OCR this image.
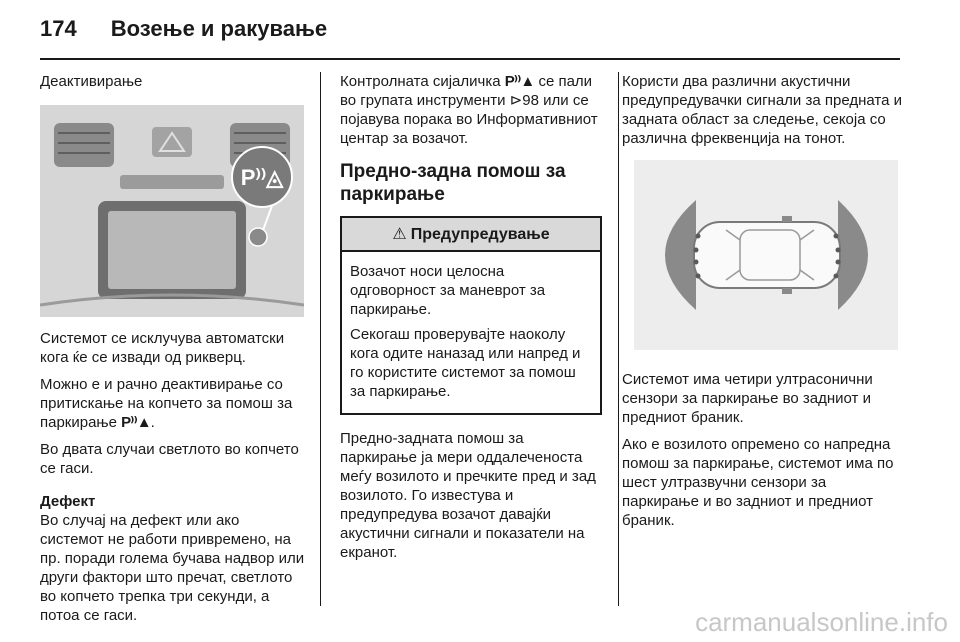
174 Возење и ракување
Деактивирање
P⁾⁾◬

Системот се исклучува автоматски кога ќе се извади од рикверц.

Можно е и рачно деактивирање со притискање на копчето за помош за паркирање P⁾⁾▲.

Во двата случаи светлото во копчето се гаси.

Дефект

Во случај на дефект или ако системот не работи привремено, на пр. поради голема бучава надвор или други фактори што пречат, светлото во копчето трепка три секунди, а потоа се гаси.

Контролната сијаличка P⁾⁾▲ се пали во групата инструменти ⊳98 или се појавува порака во Информативниот центар за возачот.

Предно-задна помош за паркирање
⚠ Предупредување

Возачот носи целосна одговорност за маневрот за паркирање.

Секогаш проверувајте наоколу кога одите наназад или напред и го користите системот за помош за паркирање.

Предно-задната помош за паркирање ја мери оддалеченоста меѓу возилото и пречките пред и зад возилото. Го известува и предупредува возачот давајќи акустични сигнали и показатели на екранот.

Користи два различни акустични предупредувачки сигнали за предната и задната област за следење, секоја со различна фреквенција на тонот.

Системот има четири ултрасонични сензори за паркирање во задниот и предниот браник.

Ако е возилото опремено со напредна помош за паркирање, системот има по шест ултразвучни сензори за паркирање и во задниот и предниот браник.

carmanualsonline.info
